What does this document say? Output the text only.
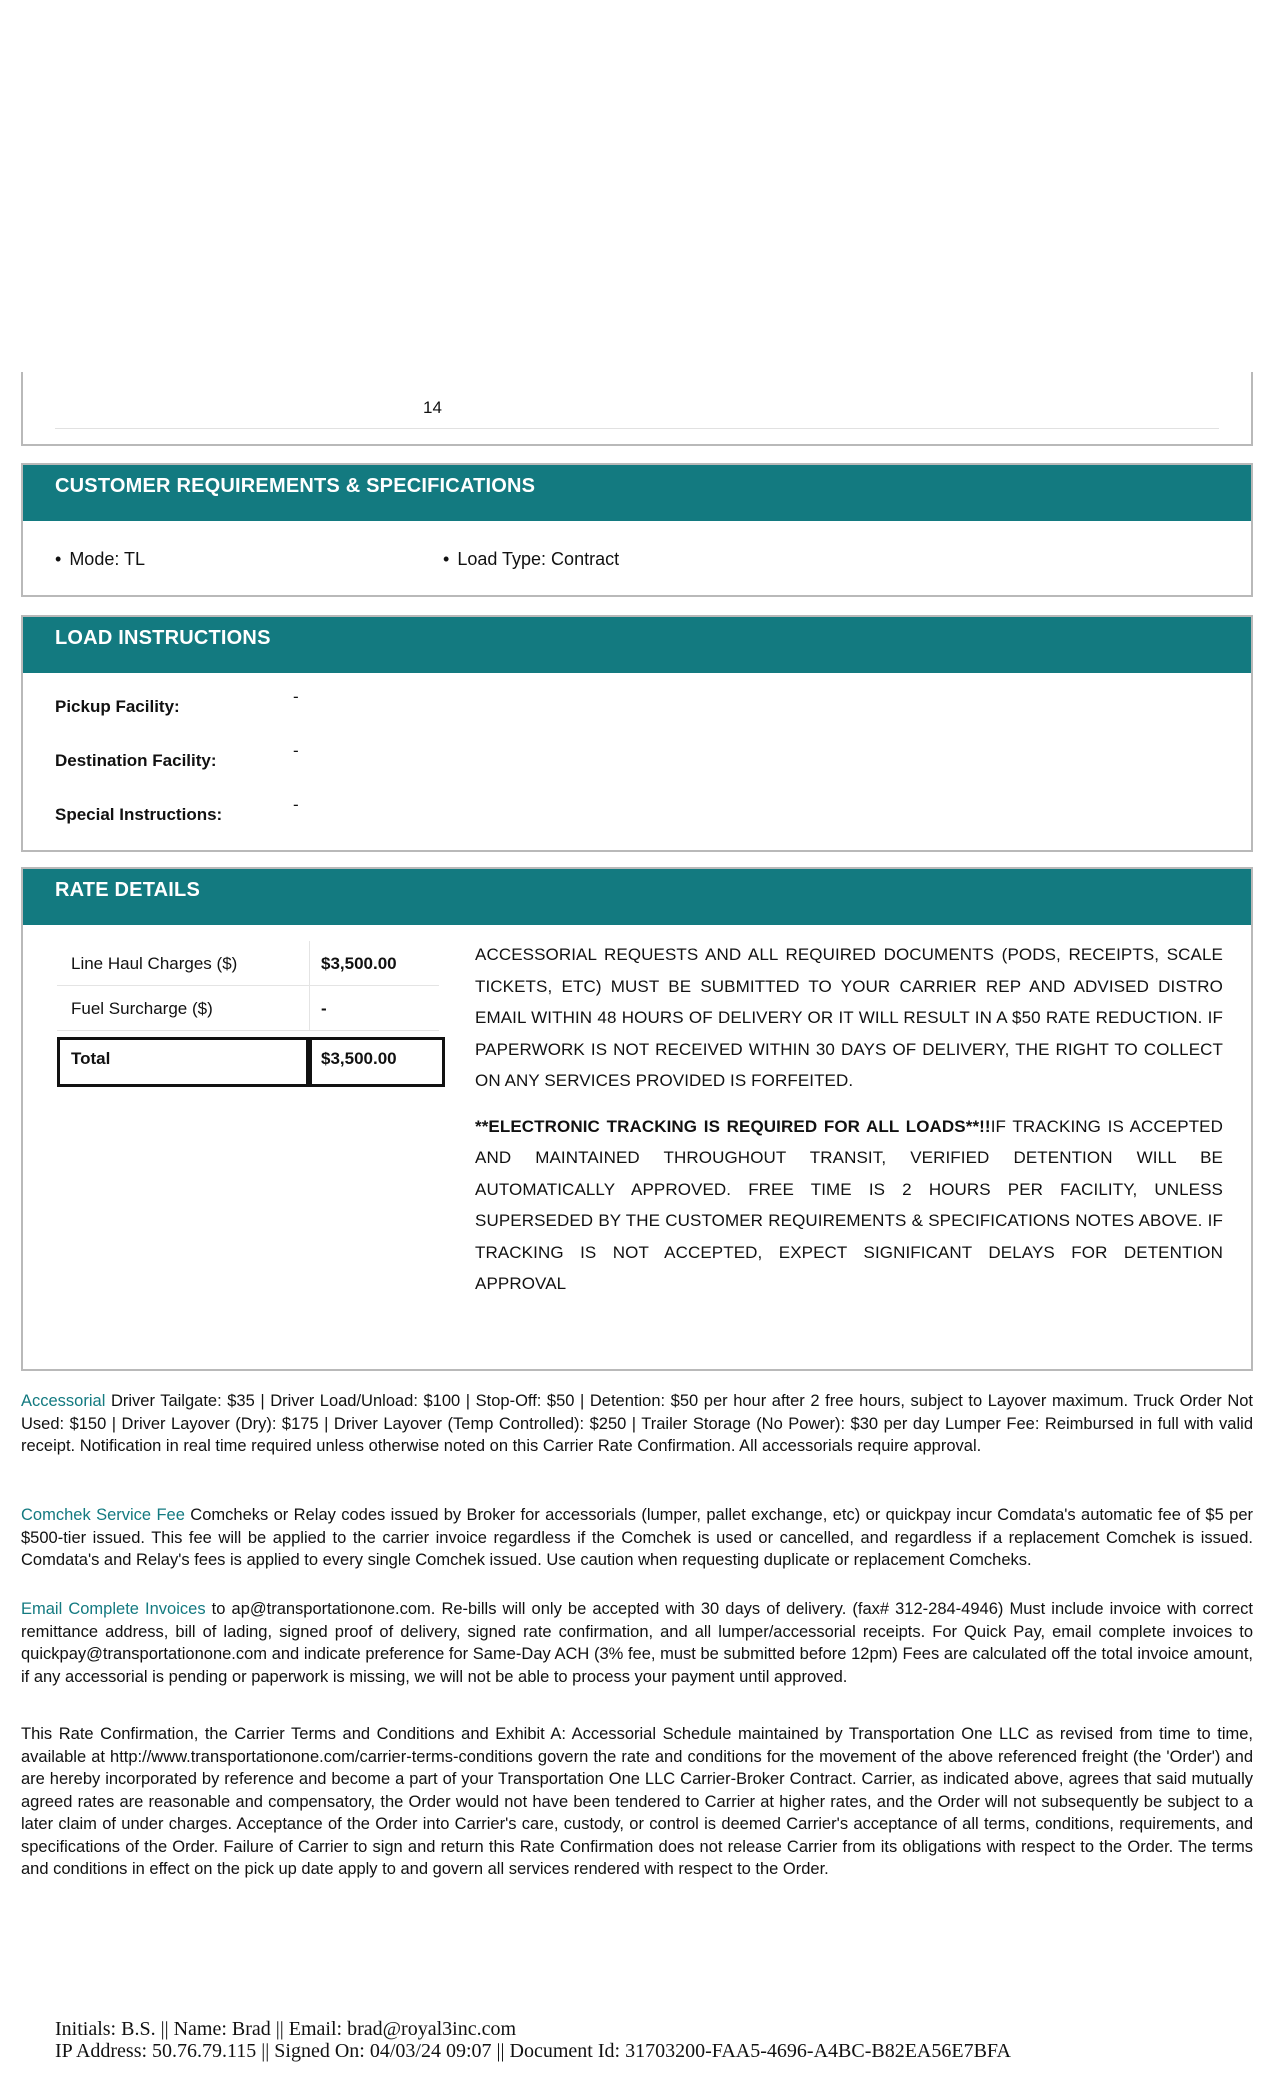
14
CUSTOMER REQUIREMENTS & SPECIFICATIONS
• Mode: TL	• Load Type: Contract
LOAD INSTRUCTIONS
Pickup Facility:
-
Destination Facility:
-
Special Instructions:
-
RATE DETAILS
Line Haul Charges ($)	$3,500.00
Fuel Surcharge ($)	-
Total	$3,500.00

ACCESSORIAL REQUESTS AND ALL REQUIRED DOCUMENTS (PODS, RECEIPTS, SCALE TICKETS, ETC) MUST BE SUBMITTED TO YOUR CARRIER REP AND ADVISED DISTRO EMAIL WITHIN 48 HOURS OF DELIVERY OR IT WILL RESULT IN A $50 RATE REDUCTION. IF PAPERWORK IS NOT RECEIVED WITHIN 30 DAYS OF DELIVERY, THE RIGHT TO COLLECT ON ANY SERVICES PROVIDED IS FORFEITED.

**ELECTRONIC TRACKING IS REQUIRED FOR ALL LOADS**!!IF TRACKING IS ACCEPTED AND MAINTAINED THROUGHOUT TRANSIT, VERIFIED DETENTION WILL BE AUTOMATICALLY APPROVED. FREE TIME IS 2 HOURS PER FACILITY, UNLESS SUPERSEDED BY THE CUSTOMER REQUIREMENTS & SPECIFICATIONS NOTES ABOVE. IF TRACKING IS NOT ACCEPTED, EXPECT SIGNIFICANT DELAYS FOR DETENTION APPROVAL

Accessorial Driver Tailgate: $35 | Driver Load/Unload: $100 | Stop-Off: $50 | Detention: $50 per hour after 2 free hours, subject to Layover maximum. Truck Order Not Used: $150 | Driver Layover (Dry): $175 | Driver Layover (Temp Controlled): $250 | Trailer Storage (No Power): $30 per day Lumper Fee: Reimbursed in full with valid receipt. Notification in real time required unless otherwise noted on this Carrier Rate Confirmation. All accessorials require approval.
Comchek Service Fee Comcheks or Relay codes issued by Broker for accessorials (lumper, pallet exchange, etc) or quickpay incur Comdata's automatic fee of $5 per $500-tier issued. This fee will be applied to the carrier invoice regardless if the Comchek is used or cancelled, and regardless if a replacement Comchek is issued. Comdata's and Relay's fees is applied to every single Comchek issued. Use caution when requesting duplicate or replacement Comcheks.
Email Complete Invoices to ap@transportationone.com. Re-bills will only be accepted with 30 days of delivery. (fax# 312-284-4946) Must include invoice with correct remittance address, bill of lading, signed proof of delivery, signed rate confirmation, and all lumper/accessorial receipts. For Quick Pay, email complete invoices to quickpay@transportationone.com and indicate preference for Same-Day ACH (3% fee, must be submitted before 12pm) Fees are calculated off the total invoice amount, if any accessorial is pending or paperwork is missing, we will not be able to process your payment until approved.
This Rate Confirmation, the Carrier Terms and Conditions and Exhibit A: Accessorial Schedule maintained by Transportation One LLC as revised from time to time, available at http://www.transportationone.com/carrier-terms-conditions govern the rate and conditions for the movement of the above referenced freight (the 'Order') and are hereby incorporated by reference and become a part of your Transportation One LLC Carrier-Broker Contract. Carrier, as indicated above, agrees that said mutually agreed rates are reasonable and compensatory, the Order would not have been tendered to Carrier at higher rates, and the Order will not subsequently be subject to a later claim of under charges. Acceptance of the Order into Carrier's care, custody, or control is deemed Carrier's acceptance of all terms, conditions, requirements, and specifications of the Order. Failure of Carrier to sign and return this Rate Confirmation does not release Carrier from its obligations with respect to the Order. The terms and conditions in effect on the pick up date apply to and govern all services rendered with respect to the Order.
Initials: B.S. || Name: Brad || Email: brad@royal3inc.com
IP Address: 50.76.79.115 || Signed On: 04/03/24 09:07 || Document Id: 31703200-FAA5-4696-A4BC-B82EA56E7BFA
